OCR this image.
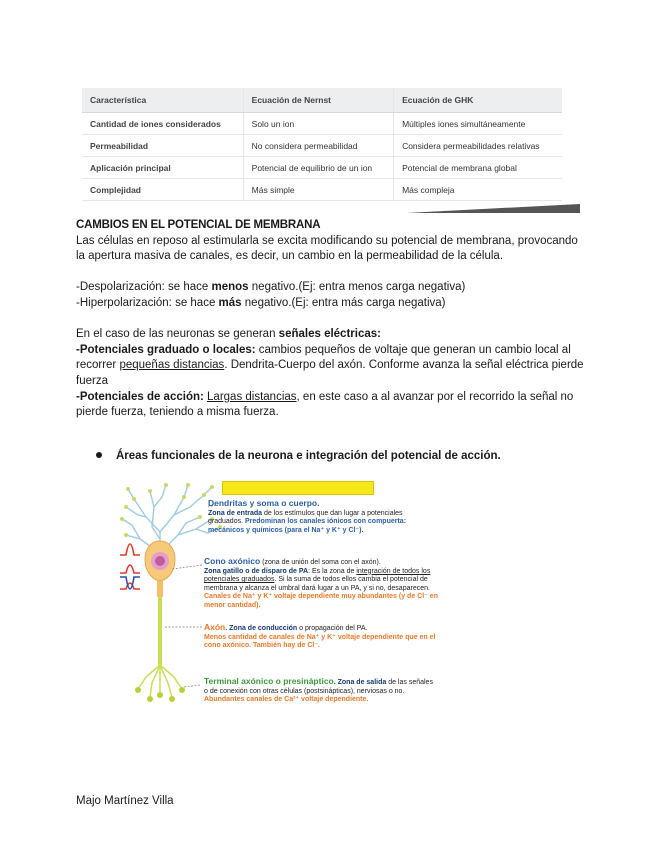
Característica	Ecuación de Nernst	Ecuación de GHK
Cantidad de iones considerados	Solo un ion	Múltiples iones simultáneamente
Permeabilidad	No considera permeabilidad	Considera permeabilidades relativas
Aplicación principal	Potencial de equilibrio de un ion	Potencial de membrana global
Complejidad	Más simple	Más compleja
CAMBIOS EN EL POTENCIAL DE MEMBRANA
Las células en reposo al estimularla se excita modificando su potencial de membrana, provocando la apertura masiva de canales, es decir, un cambio en la permeabilidad de la célula.
-Despolarización: se hace menos negativo.(Ej: entra menos carga negativa)
-Hiperpolarización: se hace más negativo.(Ej: entra más carga negativa)
En el caso de las neuronas se generan señales eléctricas:
-Potenciales graduado o locales: cambios pequeños de voltaje que generan un cambio local al recorrer pequeñas distancias. Dendrita-Cuerpo del axón. Conforme avanza la señal eléctrica pierde fuerza
-Potenciales de acción: Largas distancias, en este caso a al avanzar por el recorrido la señal no pierde fuerza, teniendo a misma fuerza.
Áreas funcionales de la neurona e integración del potencial de acción.
Dendritas y soma o cuerpo.
Zona de entrada de los estímulos que dan lugar a potenciales
graduados. Predominan los canales iónicos con compuerta:
mecánicos y químicos (para el Na⁺ y K⁺ y Cl⁻).
Cono axónico (zona de unión del soma con el axón).
Zona gatillo o de disparo de PA: Es la zona de integración de todos los
potenciales graduados. Si la suma de todos ellos cambia el potencial de
membrana y alcanza el umbral dará lugar a un PA, y si no, desaparecen.
Canales de Na⁺ y K⁺ voltaje dependiente muy abundantes (y de Cl⁻ en
menor cantidad).
Axón. Zona de conducción o propagación del PA.
Menos cantidad de canales de Na⁺ y K⁺ voltaje dependiente que en el
cono axónico. También hay de Cl⁻.
Terminal axónico o presináptico. Zona de salida de las señales
o de conexión con otras células (postsinápticas), nerviosas o no.
Abundantes canales de Ca²⁺ voltaje dependiente.
Majo Martínez Villa
